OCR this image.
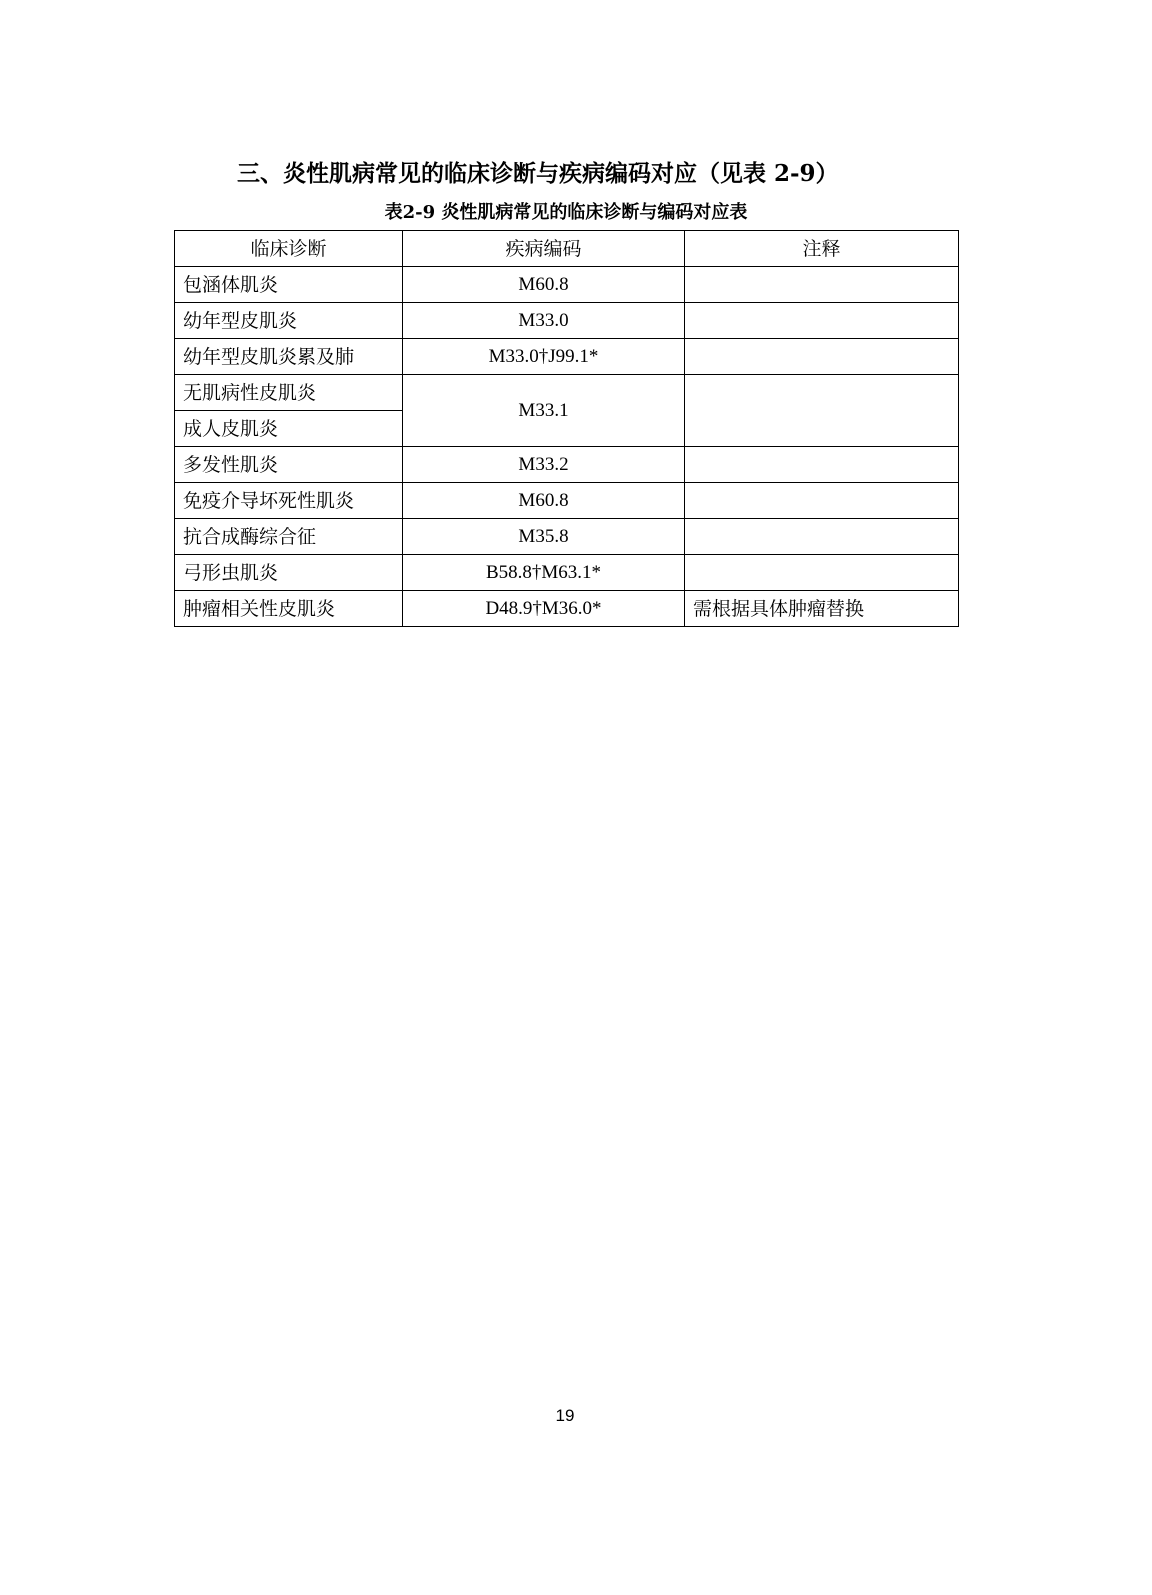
三、炎性肌病常见的临床诊断与疾病编码对应（见表 2-9）
表2-9 炎性肌病常见的临床诊断与编码对应表
临床诊断	疾病编码	注释
包涵体肌炎	M60.8	
幼年型皮肌炎	M33.0	
幼年型皮肌炎累及肺	M33.0†J99.1*	
无肌病性皮肌炎	M33.1	
成人皮肌炎		
多发性肌炎	M33.2	
免疫介导坏死性肌炎	M60.8	
抗合成酶综合征	M35.8	
弓形虫肌炎	B58.8†M63.1*	
肿瘤相关性皮肌炎	D48.9†M36.0*	需根据具体肿瘤替换
19
